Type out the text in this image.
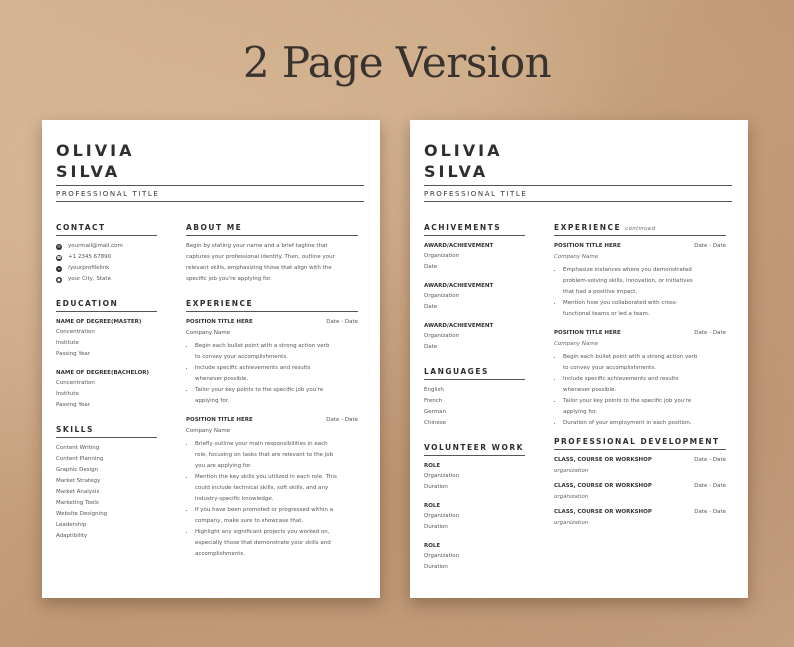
2 Page Version
OLIVIA
SILVA
PROFESSIONAL TITLE
CONTACT
✉ yourmail@mail.com
☎ +1 2345 67890
∞ /yourprofilelink
● your City, State
EDUCATION
NAME OF DEGREE(MASTER)
Concentration
Institute
Passing Year
NAME OF DEGREE(BACHELOR)
Concentration
Institute
Passing Year
SKILLS
Content Writing
Content Planning
Graphic Design
Market Strategy
Market Analysis
Marketing Tools
Website Designing
Leadership
Adaptibility
ABOUT ME
Begin by stating your name and a brief tagline that
captures your professional identity. Then, outline your
relevant skills, emphasizing those that align with the
specific job you're applying for.
EXPERIENCE
POSITION TITLE HERE	Date - Date
Company Name
• Begin each bullet point with a strong action verb
to convey your accomplishments.
• Include specific achievements and results
whenever possible.
• Tailor your key points to the specific job you're
applying for.
POSITION TITLE HERE	Date - Date
Company Name
• Briefly outline your main responsibilities in each
role, focusing on tasks that are relevant to the job
you are applying for.
• Mention the key skills you utilized in each role. This
could include technical skills, soft skills, and any
industry-specific knowledge.
• If you have been promoted or progressed within a
company, make sure to showcase that.
• Highlight any significant projects you worked on,
especially those that demonstrate your skills and
accomplishments.
OLIVIA
SILVA
PROFESSIONAL TITLE
ACHIVEMENTS
AWARD/ACHIEVEMENT
Organization
Date
AWARD/ACHIEVEMENT
Organization
Date
AWARD/ACHIEVEMENT
Organization
Date
LANGUAGES
English
French
German
Chinese
VOLUNTEER WORK
ROLE
Organization
Duration
ROLE
Organization
Duration
ROLE
Organization
Duration
EXPERIENCE continued
POSITION TITLE HERE	Date - Date
Company Name
• Emphasize instances where you demonstrated
problem-solving skills, innovation, or initiatives
that had a positive impact.
• Mention how you collaborated with cross-
functional teams or led a team.
POSITION TITLE HERE	Date - Date
Company Name
• Begin each bullet point with a strong action verb
to convey your accomplishments.
• Include specific achievements and results
whenever possible.
• Tailor your key points to the specific job you're
applying for.
• Duration of your employment in each position.
PROFESSIONAL DEVELOPMENT
CLASS, COURSE OR WORKSHOP	Date - Date
organization
CLASS, COURSE OR WORKSHOP	Date - Date
organization
CLASS, COURSE OR WORKSHOP	Date - Date
organization
